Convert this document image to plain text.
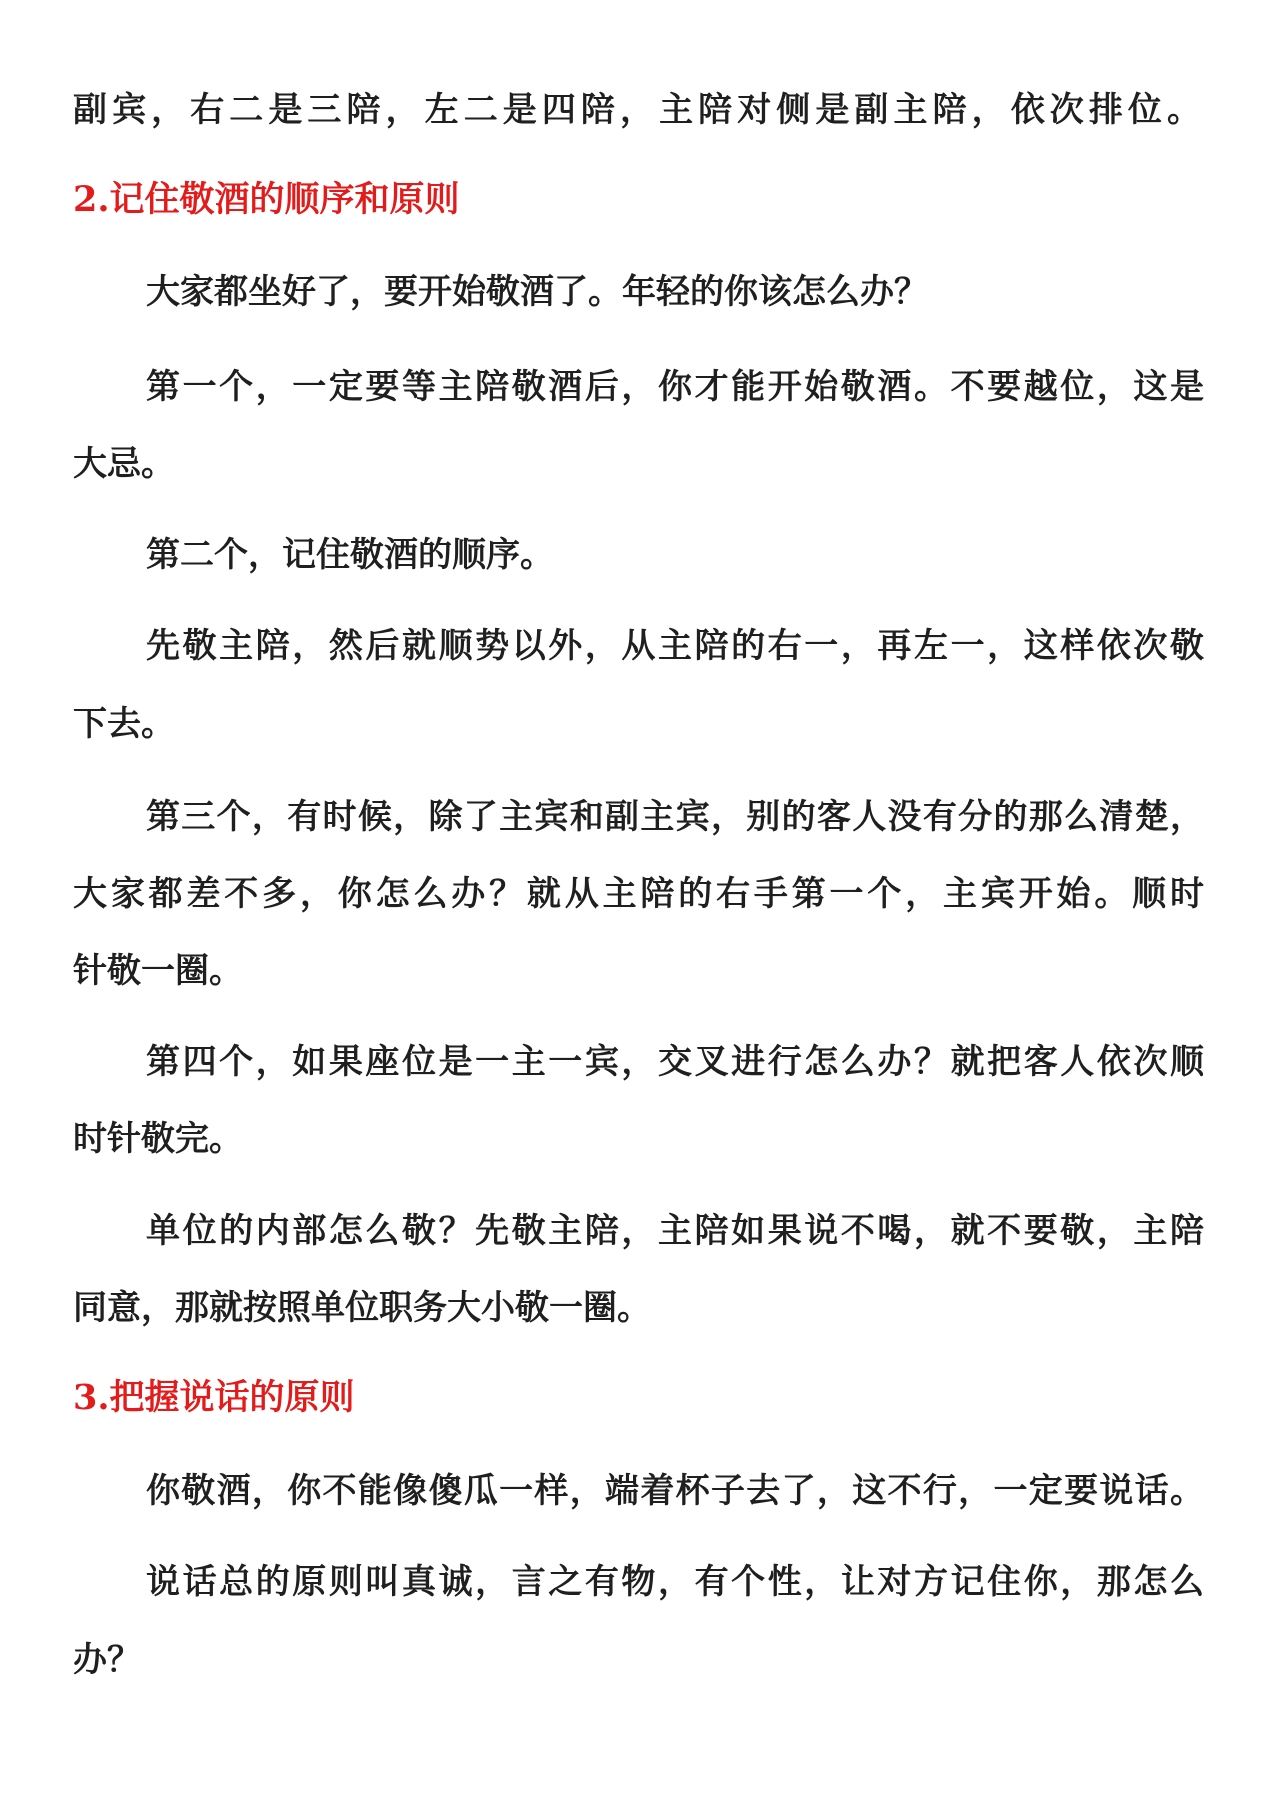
副宾，右二是三陪，左二是四陪，主陪对侧是副主陪，依次排位。

2.记住敬酒的顺序和原则

大家都坐好了，要开始敬酒了。年轻的你该怎么办？

第一个，一定要等主陪敬酒后，你才能开始敬酒。不要越位，这是

大忌。

第二个，记住敬酒的顺序。

先敬主陪，然后就顺势以外，从主陪的右一，再左一，这样依次敬

下去。

第三个，有时候，除了主宾和副主宾，别的客人没有分的那么清楚，

大家都差不多，你怎么办？就从主陪的右手第一个，主宾开始。顺时

针敬一圈。

第四个，如果座位是一主一宾，交叉进行怎么办？就把客人依次顺

时针敬完。

单位的内部怎么敬？先敬主陪，主陪如果说不喝，就不要敬，主陪

同意，那就按照单位职务大小敬一圈。

3.把握说话的原则

你敬酒，你不能像傻瓜一样，端着杯子去了，这不行，一定要说话。

说话总的原则叫真诚，言之有物，有个性，让对方记住你，那怎么

办？
